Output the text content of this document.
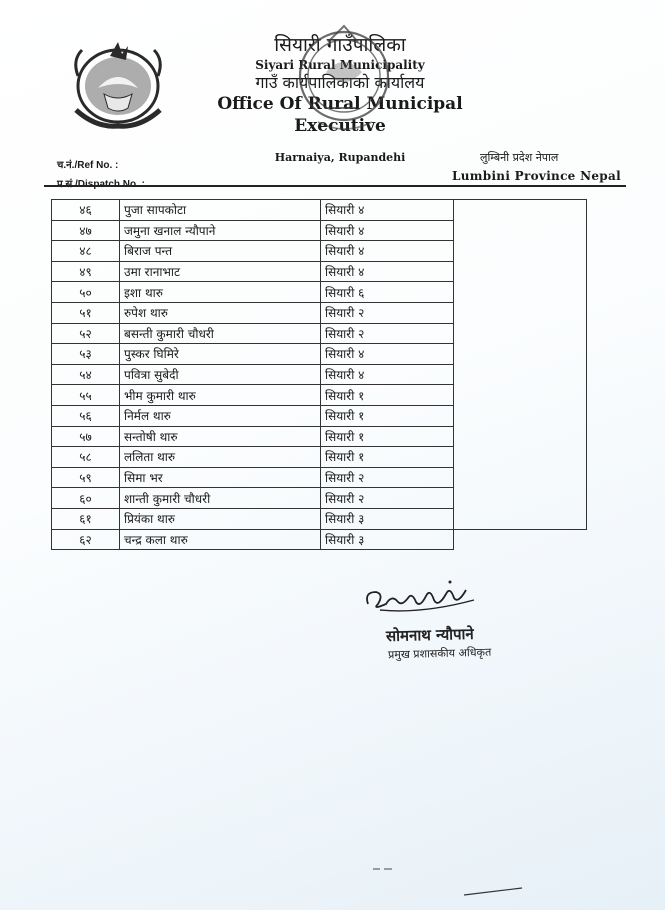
सियारी गाउँपालिका
Siyari Rural Municipality
गाउँ कार्यपालिकाको कार्यालय
Office Of Rural Municipal Executive
Harnaiya, Rupandehi
च.नं./Ref No. :
लुम्बिनी प्रदेश नेपाल
Lumbini Province Nepal
४६	पुजा सापकोटा	सियारी ४	
४७	जमुना खनाल न्यौपाने	सियारी ४	
४८	बिराज पन्त	सियारी ४	
४९	उमा रानाभाट	सियारी ४	
५०	इशा थारु	सियारी ६	
५१	रुपेश थारु	सियारी २	
५२	बसन्ती कुमारी चौधरी	सियारी २	
५३	पुस्कर घिमिरे	सियारी ४	
५४	पवित्रा सुबेदी	सियारी ४	
५५	भीम कुमारी थारु	सियारी १	
५६	निर्मल थारु	सियारी १	
५७	सन्तोषी थारु	सियारी १	
५८	ललिता थारु	सियारी १	
५९	सिमा भर	सियारी २	
६०	शान्ती कुमारी चौधरी	सियारी २	
६१	प्रियंका थारु	सियारी ३	
६२	चन्द्र कला थारु	सियारी ३	
सोमनाथ न्यौपाने
प्रमुख प्रशासकीय अधिकृत
